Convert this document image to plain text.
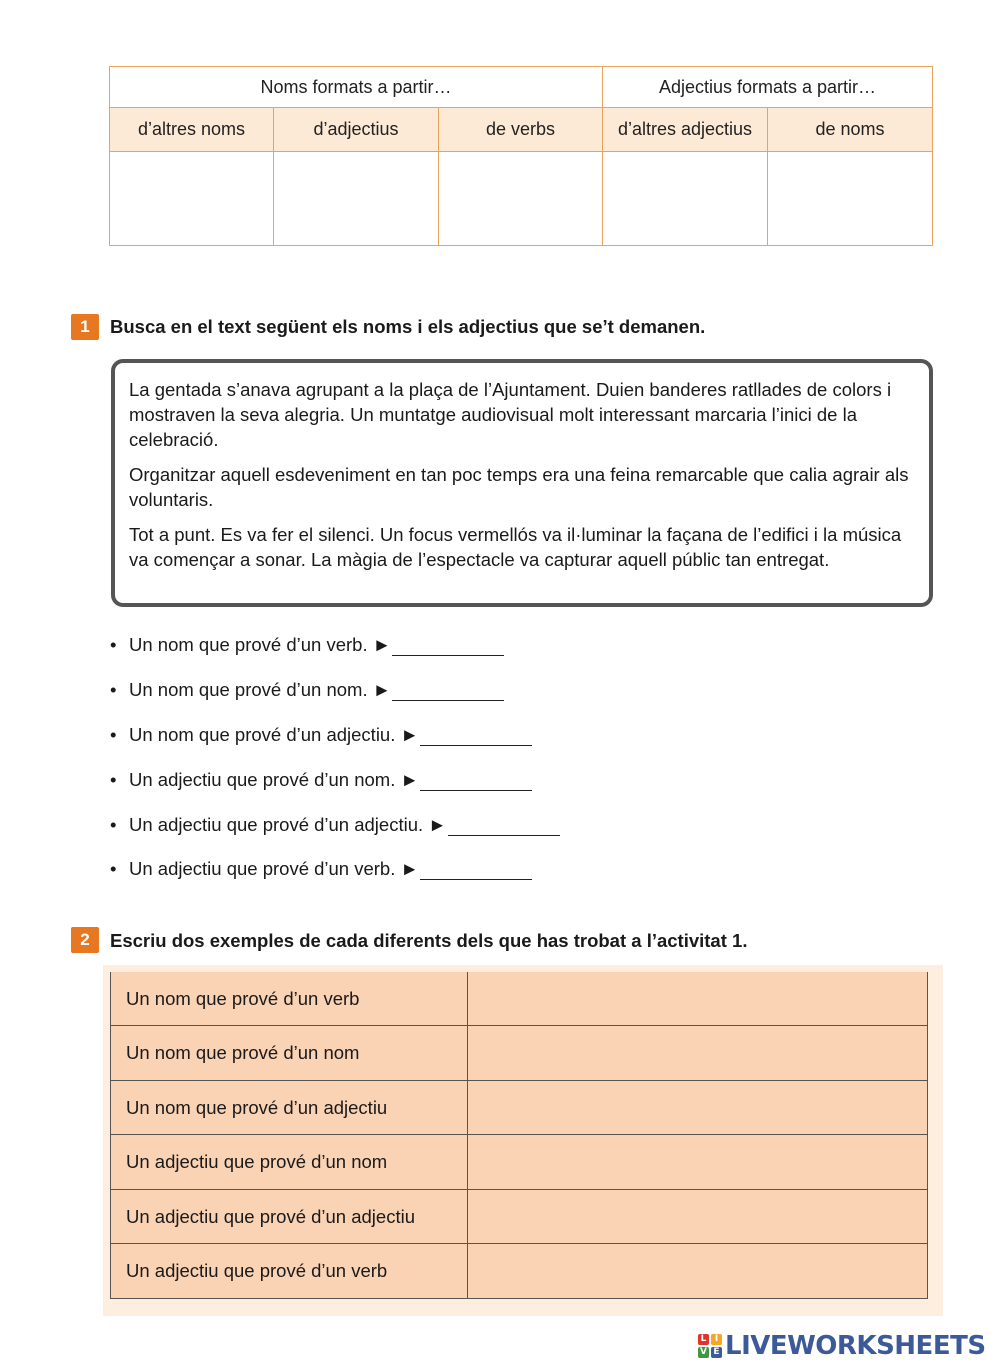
Noms formats a partir…			Adjectius formats a partir…	
d’altres noms	d’adjectius	de verbs	d’altres adjectius	de noms

1	Busca en el text següent els noms i els adjectius que se’t demanen.

La gentada s’anava agrupant a la plaça de l’Ajuntament. Duien banderes ratllades de colors i mostraven la seva alegria. Un muntatge audiovisual molt interessant marcaria l’inici de la celebració.

Organitzar aquell esdeveniment en tan poc temps era una feina remarcable que calia agrair als voluntaris.

Tot a punt. Es va fer el silenci. Un focus vermellós va il·luminar la façana de l’edifici i la música va començar a sonar. La màgia de l’espectacle va capturar aquell públic tan entregat.

• Un nom que prové d’un verb. ►
• Un nom que prové d’un nom. ►
• Un nom que prové d’un adjectiu. ►
• Un adjectiu que prové d’un nom. ►
• Un adjectiu que prové d’un adjectiu. ►
• Un adjectiu que prové d’un verb. ►
2	Escriu dos exemples de cada diferents dels que has trobat a l’activitat 1.
Un nom que prové d’un verb	
Un nom que prové d’un nom	
Un nom que prové d’un adjectiu	
Un adjectiu que prové d’un nom	
Un adjectiu que prové d’un adjectiu	
Un adjectiu que prové d’un verb	
L I
V E LIVEWORKSHEETS
